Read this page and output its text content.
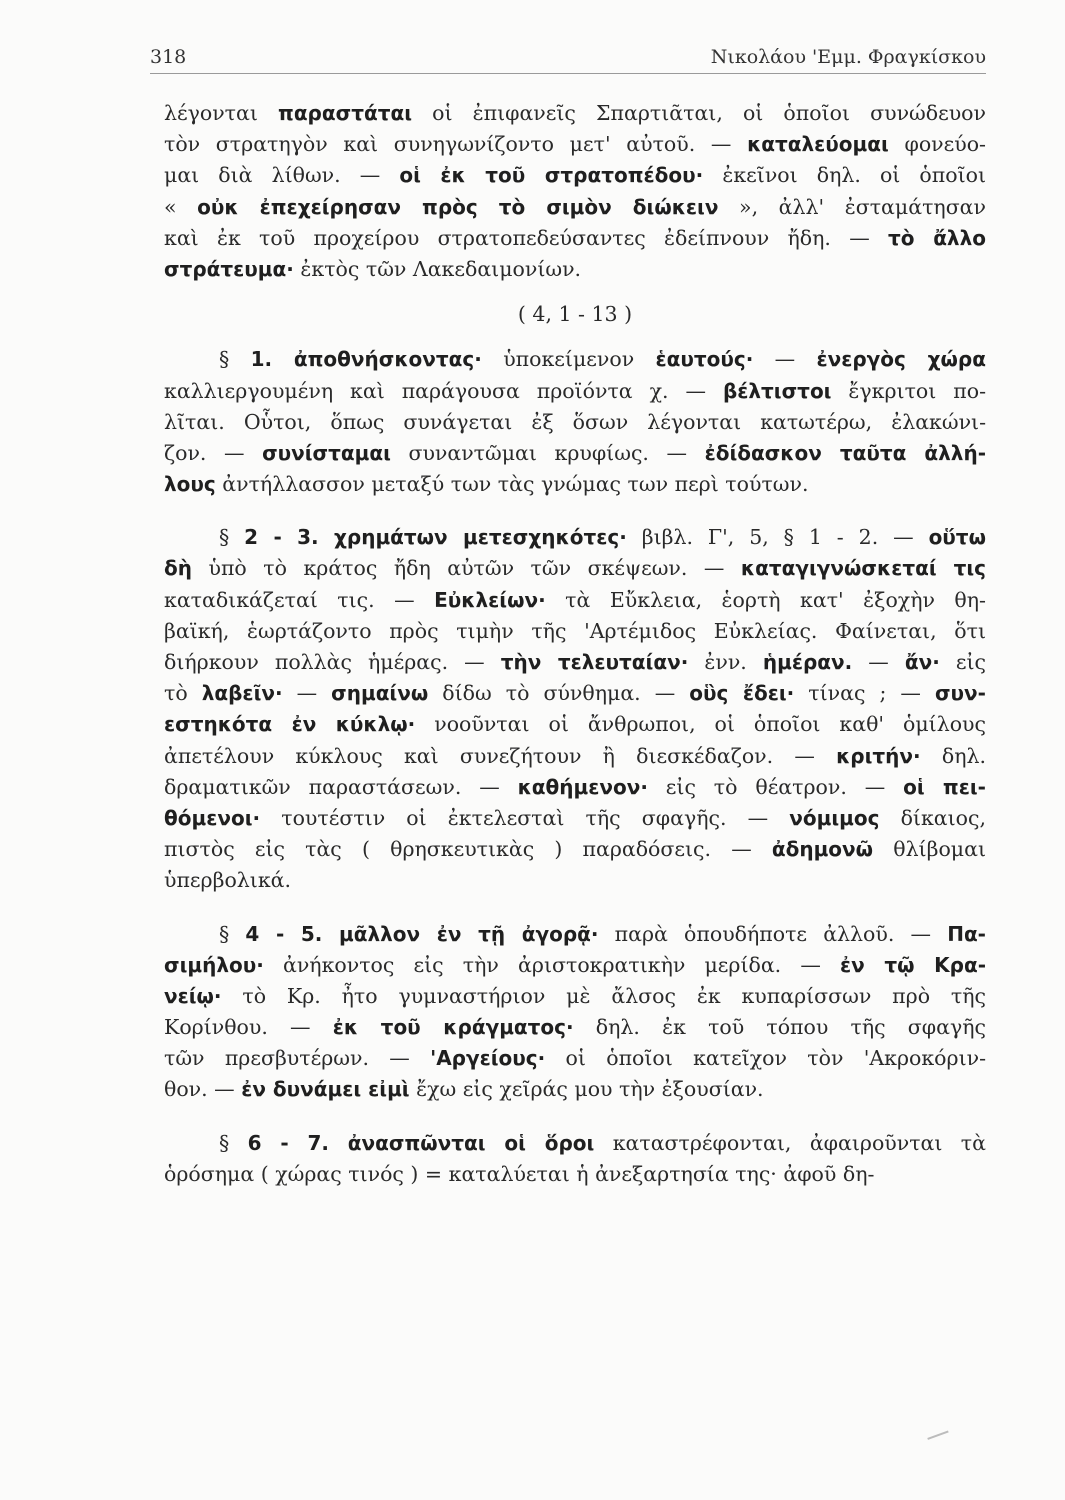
318	Νικολάου 'Εμμ. Φραγκίσκου
λέγονται παραστάται οἱ ἐπιφανεῖς Σπαρτιᾶται, οἱ ὁποῖοι συνώδευον
τὸν στρατηγὸν καὶ συνηγωνίζοντο μετ' αὐτοῦ. — καταλεύομαι φονεύο-
μαι διὰ λίθων. — οἱ ἐκ τοῦ στρατοπέδου· ἐκεῖνοι δηλ. οἱ ὁποῖοι
« οὐκ ἐπεχείρησαν πρὸς τὸ σιμὸν διώκειν », ἀλλ' ἐσταμάτησαν
καὶ ἐκ τοῦ προχείρου στρατοπεδεύσαντες ἐδείπνουν ἤδη. — τὸ ἄλλο
στράτευμα· ἐκτὸς τῶν Λακεδαιμονίων.
( 4, 1 - 13 )
§ 1. ἀποθνήσκοντας· ὑποκείμενον ἑαυτούς· — ἐνεργὸς χώρα
καλλιεργουμένη καὶ παράγουσα προϊόντα χ. — βέλτιστοι ἔγκριτοι πο-
λῖται. Οὗτοι, ὅπως συνάγεται ἐξ ὅσων λέγονται κατωτέρω, ἐλακώνι-
ζον. — συνίσταμαι συναντῶμαι κρυφίως. — ἐδίδασκον ταῦτα ἀλλή-
λους ἀντήλλασσον μεταξύ των τὰς γνώμας των περὶ τούτων.
§ 2 - 3. χρημάτων μετεσχηκότες· βιβλ. Γ', 5, § 1 - 2. — οὕτω
δὴ ὑπὸ τὸ κράτος ἤδη αὐτῶν τῶν σκέψεων. — καταγιγνώσκεταί τις
καταδικάζεταί τις. — Εὐκλείων· τὰ Εὔκλεια, ἑορτὴ κατ' ἐξοχὴν θη-
βαϊκή, ἑωρτάζοντο πρὸς τιμὴν τῆς 'Αρτέμιδος Εὐκλείας. Φαίνεται, ὅτι
διήρκουν πολλὰς ἡμέρας. — τὴν τελευταίαν· ἐνν. ἡμέραν. — ἄν· εἰς
τὸ λαβεῖν· — σημαίνω δίδω τὸ σύνθημα. — οὓς ἔδει· τίνας ; — συν-
εστηκότα ἐν κύκλῳ· νοοῦνται οἱ ἄνθρωποι, οἱ ὁποῖοι καθ' ὁμίλους
ἀπετέλουν κύκλους καὶ συνεζήτουν ἢ διεσκέδαζον. — κριτήν· δηλ.
δραματικῶν παραστάσεων. — καθήμενον· εἰς τὸ θέατρον. — οἱ πει-
θόμενοι· τουτέστιν οἱ ἐκτελεσταὶ τῆς σφαγῆς. — νόμιμος δίκαιος,
πιστὸς εἰς τὰς ( θρησκευτικὰς ) παραδόσεις. — ἀδημονῶ θλίβομαι
ὑπερβολικά.
§ 4 - 5. μᾶλλον ἐν τῇ ἀγορᾷ· παρὰ ὁπουδήποτε ἀλλοῦ. — Πα-
σιμήλου· ἀνήκοντος εἰς τὴν ἀριστοκρατικὴν μερίδα. — ἐν τῷ Κρα-
νείῳ· τὸ Κρ. ἦτο γυμναστήριον μὲ ἄλσος ἐκ κυπαρίσσων πρὸ τῆς
Κορίνθου. — ἐκ τοῦ κράγματος· δηλ. ἐκ τοῦ τόπου τῆς σφαγῆς
τῶν πρεσβυτέρων. — 'Αργείους· οἱ ὁποῖοι κατεῖχον τὸν 'Ακροκόριν-
θον. — ἐν δυνάμει εἰμὶ ἔχω εἰς χεῖράς μου τὴν ἐξουσίαν.
§ 6 - 7. ἀνασπῶνται οἱ ὅροι καταστρέφονται, ἀφαιροῦνται τὰ
ὁρόσημα ( χώρας τινός ) = καταλύεται ἡ ἀνεξαρτησία της· ἀφοῦ δη-
